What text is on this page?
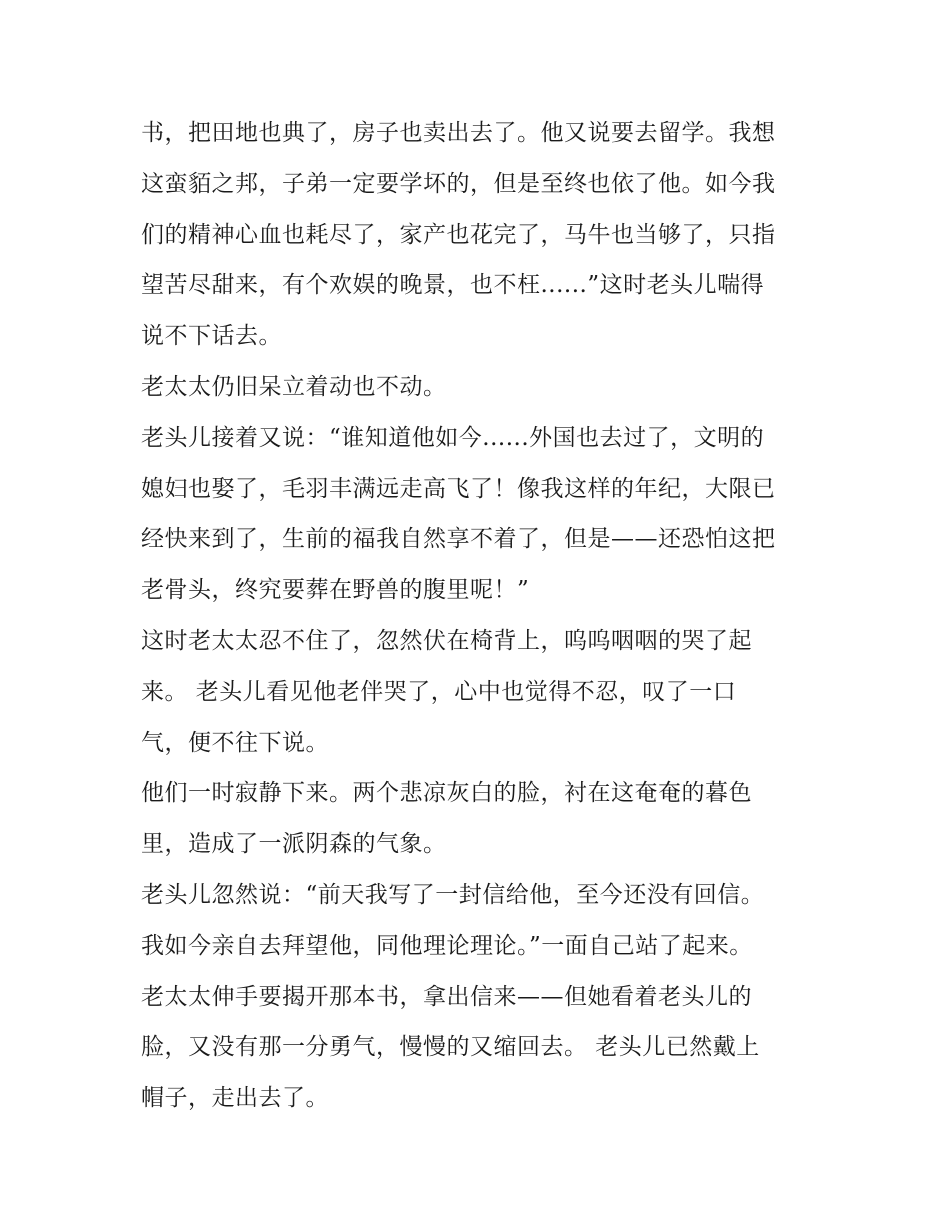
书，把田地也典了，房子也卖出去了。他又说要去留学。我想
这蛮貊之邦，子弟一定要学坏的，但是至终也依了他。如今我
们的精神心血也耗尽了，家产也花完了，马牛也当够了，只指
望苦尽甜来，有个欢娱的晚景，也不枉......”这时老头儿喘得
说不下话去。
老太太仍旧呆立着动也不动。
老头儿接着又说：“谁知道他如今......外国也去过了，文明的
媳妇也娶了，毛羽丰满远走高飞了！像我这样的年纪，大限已
经快来到了，生前的福我自然享不着了，但是——还恐怕这把
老骨头，终究要葬在野兽的腹里呢！”
这时老太太忍不住了，忽然伏在椅背上，呜呜咽咽的哭了起
来。 老头儿看见他老伴哭了，心中也觉得不忍，叹了一口
气，便不往下说。
他们一时寂静下来。两个悲凉灰白的脸，衬在这奄奄的暮色
里，造成了一派阴森的气象。
老头儿忽然说：“前天我写了一封信给他，至今还没有回信。
我如今亲自去拜望他，同他理论理论。”一面自己站了起来。
老太太伸手要揭开那本书，拿出信来——但她看着老头儿的
脸，又没有那一分勇气，慢慢的又缩回去。 老头儿已然戴上
帽子，走出去了。
